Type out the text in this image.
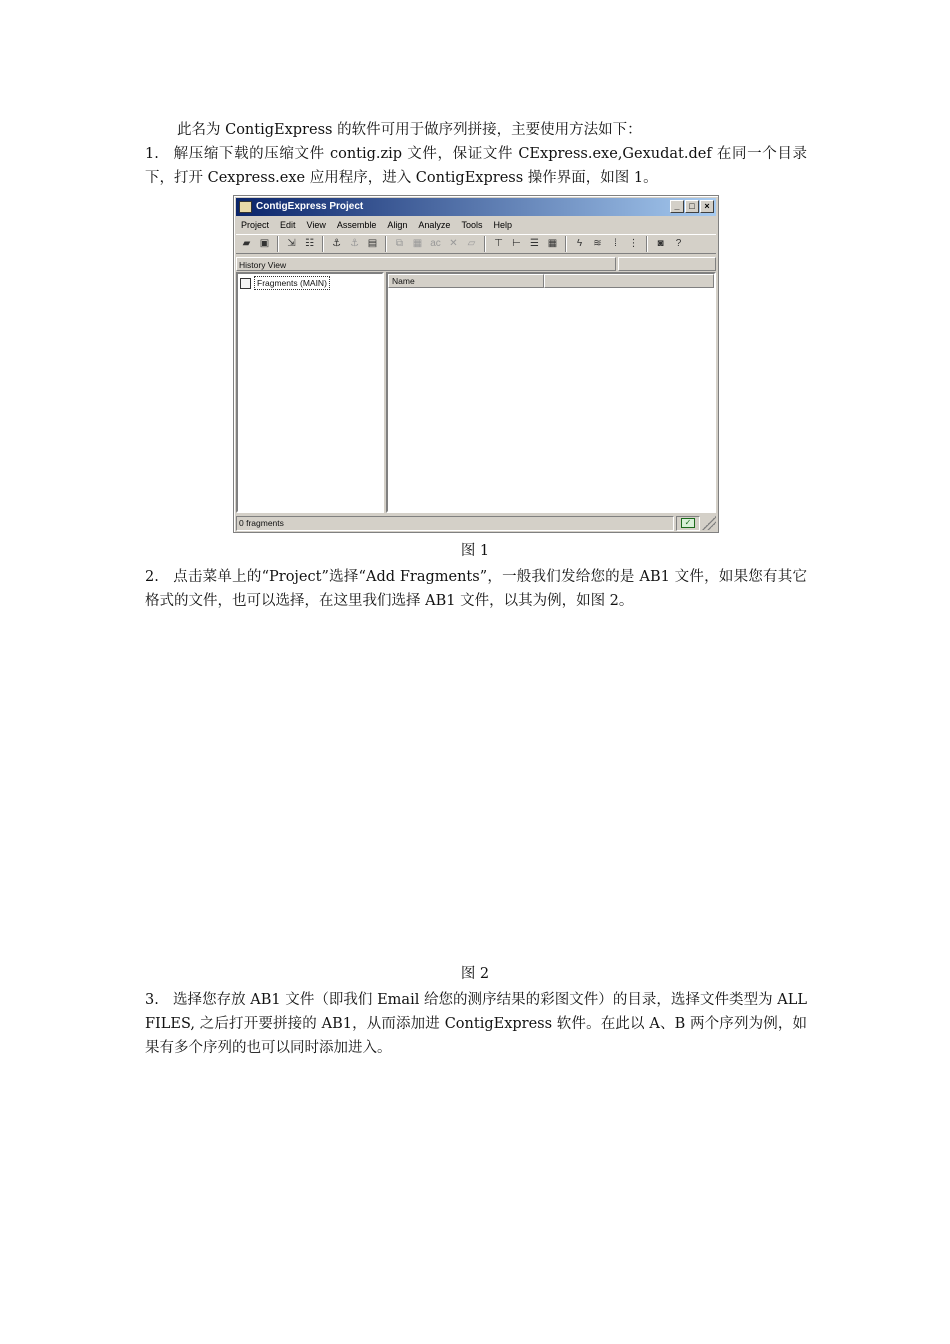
此名为 ContigExpress 的软件可用于做序列拼接，主要使用方法如下：

1. 解压缩下载的压缩文件 contig.zip 文件，保证文件 CExpress.exe,Gexudat.def 在同一个目录下，打开 Cexpress.exe 应用程序，进入 ContigExpress 操作界面，如图 1。

ContigExpress Project	_	□	×
Project Edit View Assemble Align Analyze Tools Help
▰ ▣	⇲ ☷	⚓ ⚓ ▤	⧉ ▦ ac ✕ ▱	⊤ ⊢ ☰ ▦	ϟ	≋	⁞	⋮	◙	?
History View
Fragments (MAIN)	Name
0 fragments	✓
图 1

2. 点击菜单上的“Project”选择“Add Fragments”，一般我们发给您的是 AB1 文件，如果您有其它格式的文件，也可以选择，在这里我们选择 AB1 文件，以其为例，如图 2。

图 2

3. 选择您存放 AB1 文件（即我们 Email 给您的测序结果的彩图文件）的目录，选择文件类型为 ALL FILES, 之后打开要拼接的 AB1，从而添加进 ContigExpress 软件。在此以 A、B 两个序列为例，如果有多个序列的也可以同时添加进入。
